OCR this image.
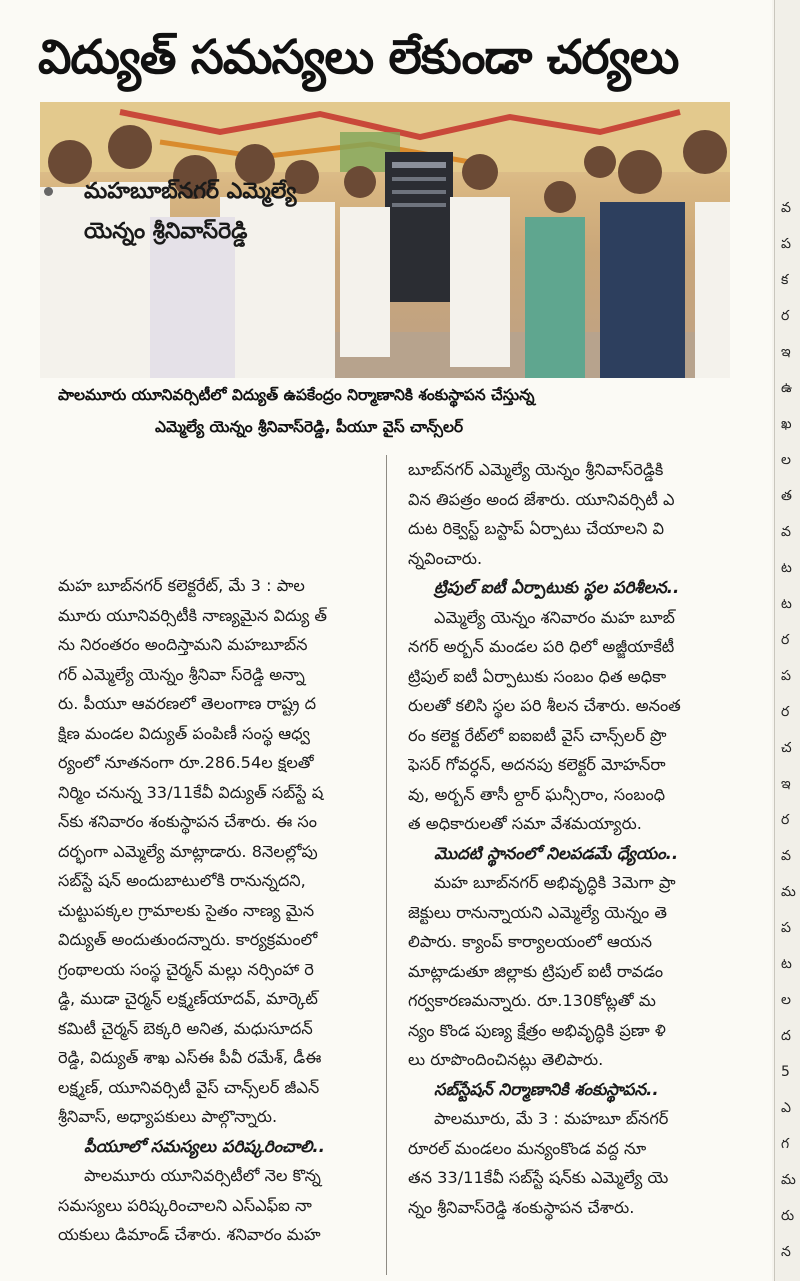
విద్యుత్ సమస్యలు లేకుండా చర్యలు
పాలమూరు యూనివర్సిటీలో విద్యుత్ ఉపకేంద్రం నిర్మాణానికి శంకుస్థాపన చేస్తున్న
ఎమ్మెల్యే యెన్నం శ్రీనివాస్‌రెడ్డి, పీయూ వైస్ చాన్స్‌లర్
మహబూబ్‌నగర్ ఎమ్మెల్యే
యెన్నం శ్రీనివాస్‌రెడ్డి

మహ బూబ్‌నగర్ కలెక్టరేట్, మే 3 : పాల

మూరు యూనివర్సిటీకి నాణ్యమైన విద్యు త్

ను నిరంతరం అందిస్తామని మహబూబ్‌న

గర్ ఎమ్మెల్యే యెన్నం శ్రీనివా స్‌రెడ్డి అన్నా

రు. పీయూ ఆవరణలో తెలంగాణ రాష్ట్ర ద

క్షిణ మండల విద్యుత్ పంపిణీ సంస్థ ఆధ్వ

ర్యంలో నూతనంగా రూ.286.54ల క్షలతో

నిర్మిం చనున్న 33/11కేవీ విద్యుత్ సబ్‌స్టే ష

న్‌కు శనివారం శంకుస్థాపన చేశారు. ఈ సం

దర్భంగా ఎమ్మెల్యే మాట్లాడారు. 8నెలల్లోపు

సబ్‌స్టే షన్ అందుబాటులోకి రానున్నదని,

చుట్టుపక్కల గ్రామాలకు సైతం నాణ్య మైన

విద్యుత్ అందుతుందన్నారు. కార్యక్రమంలో

గ్రంథాలయ సంస్థ చైర్మన్ మల్లు నర్సింహా రె

డ్డి, ముడా చైర్మన్ లక్ష్మణ్‌యాదవ్, మార్కెట్

కమిటీ చైర్మన్ బెక్కరి అనిత, మధుసూదన్

రెడ్డి, విద్యుత్ శాఖ ఎస్‌ఈ పీవీ రమేశ్, డీఈ

లక్ష్మణ్, యూనివర్సిటీ వైస్ చాన్స్‌లర్ జీఎన్

శ్రీనివాస్, అధ్యాపకులు పాల్గొన్నారు.

పీయూలో సమస్యలు పరిష్కరించాలి..

పాలమూరు యూనివర్సిటీలో నెల కొన్న

సమస్యలు పరిష్కరించాలని ఎస్‌ఎఫ్‌ఐ నా

యకులు డిమాండ్ చేశారు. శనివారం మహ

బూబ్‌నగర్ ఎమ్మెల్యే యెన్నం శ్రీనివాస్‌రెడ్డికి

విన తిపత్రం అంద జేశారు. యూనివర్సిటీ ఎ

దుట రిక్వెస్ట్ బస్టాప్ ఏర్పాటు చేయాలని వి

న్నవించారు.

ట్రిపుల్ ఐటీ ఏర్పాటుకు స్థల పరిశీలన..

ఎమ్మెల్యే యెన్నం శనివారం మహ బూబ్

నగర్ అర్బన్ మండల పరి ధిలో అజ్జీయాకేటీ

ట్రిపుల్ ఐటీ ఏర్పాటుకు సంబం ధిత అధికా

రులతో కలిసి స్థల పరి శీలన చేశారు. అనంత

రం కలెక్ట రేట్‌లో ఐఐఐటీ వైస్ చాన్స్‌లర్ ప్రొ

ఫెసర్ గోవర్ధన్, అదనపు కలెక్టర్ మోహన్‌రా

వు, అర్బన్ తాసీ ల్దార్ ఘన్సీరాం, సంబంధి

త అధికారులతో సమా వేశమయ్యారు.

మొదటి స్థానంలో నిలపడమే ధ్యేయం..

మహ బూబ్‌నగర్ అభివృద్ధికి 3మెగా ప్రా

జెక్టులు రానున్నాయని ఎమ్మెల్యే యెన్నం తె

లిపారు. క్యాంప్ కార్యాలయంలో ఆయన

మాట్లాడుతూ జిల్లాకు ట్రిపుల్ ఐటీ రావడం

గర్వకారణమన్నారు. రూ.130కోట్లతో మ

న్యం కొండ పుణ్య క్షేత్రం అభివృద్ధికి ప్రణా ళి

లు రూపొందించినట్లు తెలిపారు.

సబ్‌స్టేషన్ నిర్మాణానికి శంకుస్థాపన..

పాలమూరు, మే 3 : మహబూ బ్‌నగర్

రూరల్ మండలం మన్యంకొండ వద్ద నూ

తన 33/11కేవీ సబ్‌స్టే షన్‌కు ఎమ్మెల్యే యె

న్నం శ్రీనివాస్‌రెడ్డి శంకుస్థాపన చేశారు.

వ
ప
క
ర
ఇ
ఉ
ఖ
ల
త
వ
ట
ట
ర
ప
ర
చ
ఇ
ర
వ
మ
ప
ట
ల
ద
5
ఎ
గ
మ
రు
న
